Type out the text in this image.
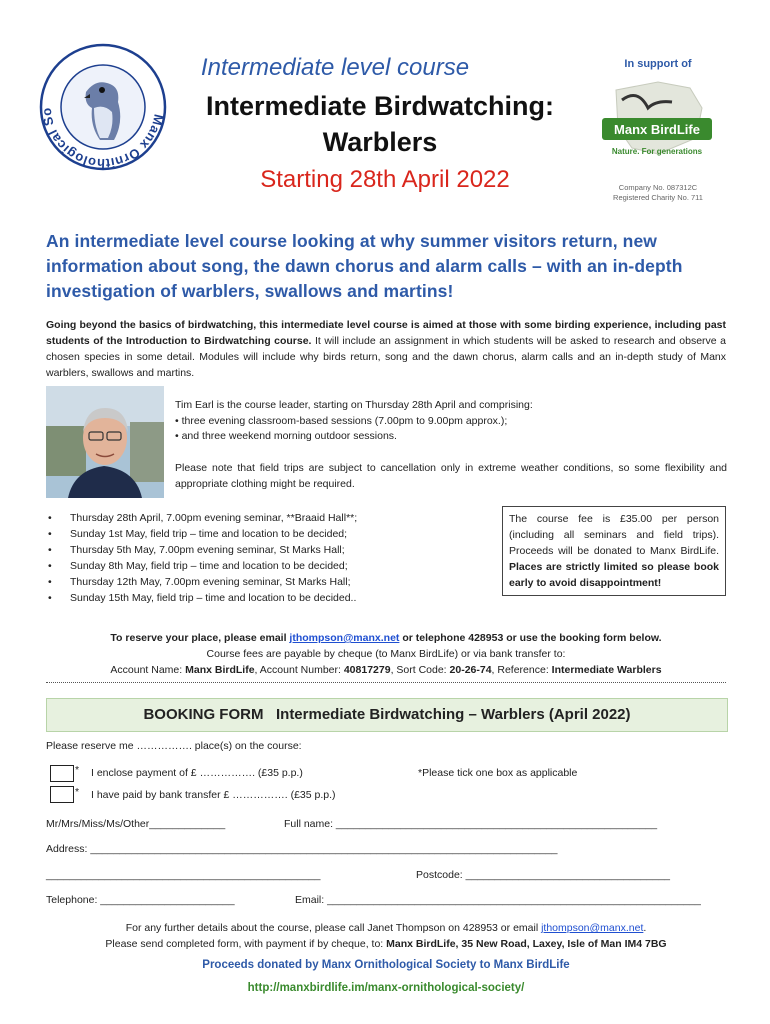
Manx Ornithological So
Intermediate level course
Intermediate Birdwatching:
Warblers
Starting 28th April 2022
In support of
Manx BirdLife
Nature. For generations
Company No. 087312C
Registered Charity No. 711
An intermediate level course looking at why summer visitors return, new information about song, the dawn chorus and alarm calls – with an in-depth investigation of warblers, swallows and martins!
Going beyond the basics of birdwatching, this intermediate level course is aimed at those with some birding experience, including past students of the Introduction to Birdwatching course. It will include an assignment in which students will be asked to research and observe a chosen species in some detail. Modules will include why birds return, song and the dawn chorus, alarm calls and an in-depth study of Manx warblers, swallows and martins.
Tim Earl is the course leader, starting on Thursday 28th April and comprising:
• three evening classroom-based sessions (7.00pm to 9.00pm approx.);
• and three weekend morning outdoor sessions.
Please note that field trips are subject to cancellation only in extreme weather conditions, so some flexibility and appropriate clothing might be required.
• Thursday 28th April, 7.00pm evening seminar, **Braaid Hall**;
• Sunday 1st May, field trip – time and location to be decided;
• Thursday 5th May, 7.00pm evening seminar, St Marks Hall;
• Sunday 8th May, field trip – time and location to be decided;
• Thursday 12th May, 7.00pm evening seminar, St Marks Hall;
• Sunday 15th May, field trip – time and location to be decided..
The course fee is £35.00 per person (including all seminars and field trips). Proceeds will be donated to Manx BirdLife. Places are strictly limited so please book early to avoid disappointment!
To reserve your place, please email jthompson@manx.net or telephone 428953 or use the booking form below.
Course fees are payable by cheque (to Manx BirdLife) or via bank transfer to:
Account Name: Manx BirdLife, Account Number: 40817279, Sort Code: 20-26-74, Reference: Intermediate Warblers
BOOKING FORM Intermediate Birdwatching – Warblers (April 2022)
Please reserve me ……………. place(s) on the course:
* I enclose payment of £ ……………. (£35 p.p.)	*Please tick one box as applicable
* I have paid by bank transfer £ ……………. (£35 p.p.)
Mr/Mrs/Miss/Ms/Other_____________	Full name: _______________________________________________________
Address: ________________________________________________________________________________
_______________________________________________	Postcode: ___________________________________
Telephone: _______________________	Email: ________________________________________________________________
For any further details about the course, please call Janet Thompson on 428953 or email jthompson@manx.net.
Please send completed form, with payment if by cheque, to: Manx BirdLife, 35 New Road, Laxey, Isle of Man IM4 7BG
Proceeds donated by Manx Ornithological Society to Manx BirdLife
http://manxbirdlife.im/manx-ornithological-society/
